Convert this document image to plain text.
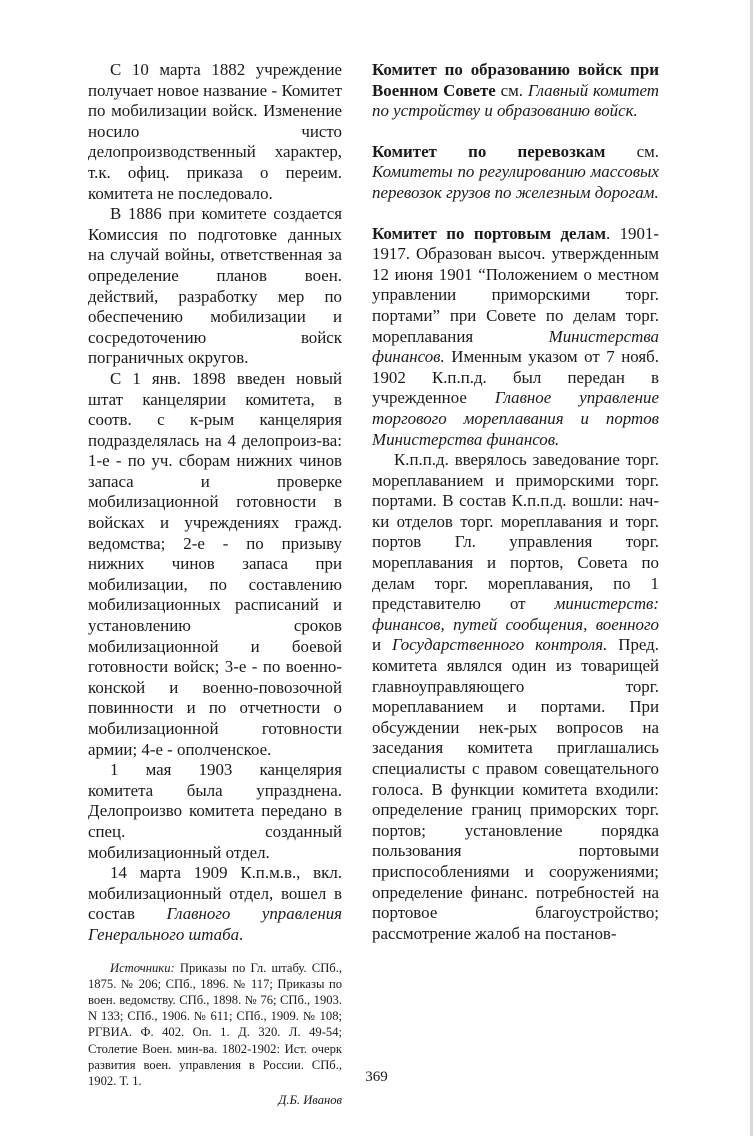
С 10 марта 1882 учреждение получает новое название - Комитет по мобилизации войск. Изменение носило чисто делопроизводственный характер, т.к. офиц. приказа о переим. комитета не последовало.

В 1886 при комитете создается Комиссия по подготовке данных на случай войны, ответственная за определение планов воен. действий, разработку мер по обеспечению мобилизации и сосредоточению войск пограничных округов.

С 1 янв. 1898 введен новый штат канцелярии комитета, в соотв. с к-рым канцелярия подразделялась на 4 делопроиз-ва: 1-е - по уч. сборам нижних чинов запаса и проверке мобилизационной готовности в войсках и учреждениях гражд. ведомства; 2-е - по призыву нижних чинов запаса при мобилизации, по составлению мобилизационных расписаний и установлению сроков мобилизационной и боевой готовности войск; 3-е - по военно-конской и военно-повозочной повинности и по отчетности о мобилизационной готовности армии; 4-е - ополченское.

1 мая 1903 канцелярия комитета была упразднена. Делопроизво комитета передано в спец. созданный мобилизационный отдел.

14 марта 1909 К.п.м.в., вкл. мобилизационный отдел, вошел в состав Главного управления Генерального штаба.

Источники: Приказы по Гл. штабу. СПб., 1875. № 206; СПб., 1896. № 117; Приказы по воен. ведомству. СПб., 1898. № 76; СПб., 1903. N 133; СПб., 1906. № 611; СПб., 1909. № 108; РГВИА. Ф. 402. Оп. 1. Д. 320. Л. 49-54; Столетие Воен. мин-ва. 1802-1902: Ист. очерк развития воен. управления в России. СПб., 1902. Т. 1.
Д.Б. Иванов

Комитет по образованию войск при Военном Совете см. Главный комитет по устройству и образованию войск.

Комитет по перевозкам см. Комитеты по регулированию массовых перевозок грузов по железным дорогам.

Комитет по портовым делам. 1901-1917. Образован высоч. утвержденным 12 июня 1901 “Положением о местном управлении приморскими торг. портами” при Совете по делам торг. мореплавания Министерства финансов. Именным указом от 7 нояб. 1902 К.п.п.д. был передан в учрежденное Главное управление торгового мореплавания и портов Министерства финансов.

К.п.п.д. вверялось заведование торг. мореплаванием и приморскими торг. портами. В состав К.п.п.д. вошли: нач-ки отделов торг. мореплавания и торг. портов Гл. управления торг. мореплавания и портов, Совета по делам торг. мореплавания, по 1 представителю от министерств: финансов, путей сообщения, военного и Государственного контроля. Пред. комитета являлся один из товарищей главноуправляющего торг. мореплаванием и портами. При обсуждении нек-рых вопросов на заседания комитета приглашались специалисты с правом совещательного голоса. В функции комитета входили: определение границ приморских торг. портов; установление порядка пользования портовыми приспособлениями и сооружениями; определение финанс. потребностей на портовое благоустройство; рассмотрение жалоб на постанов-

369
